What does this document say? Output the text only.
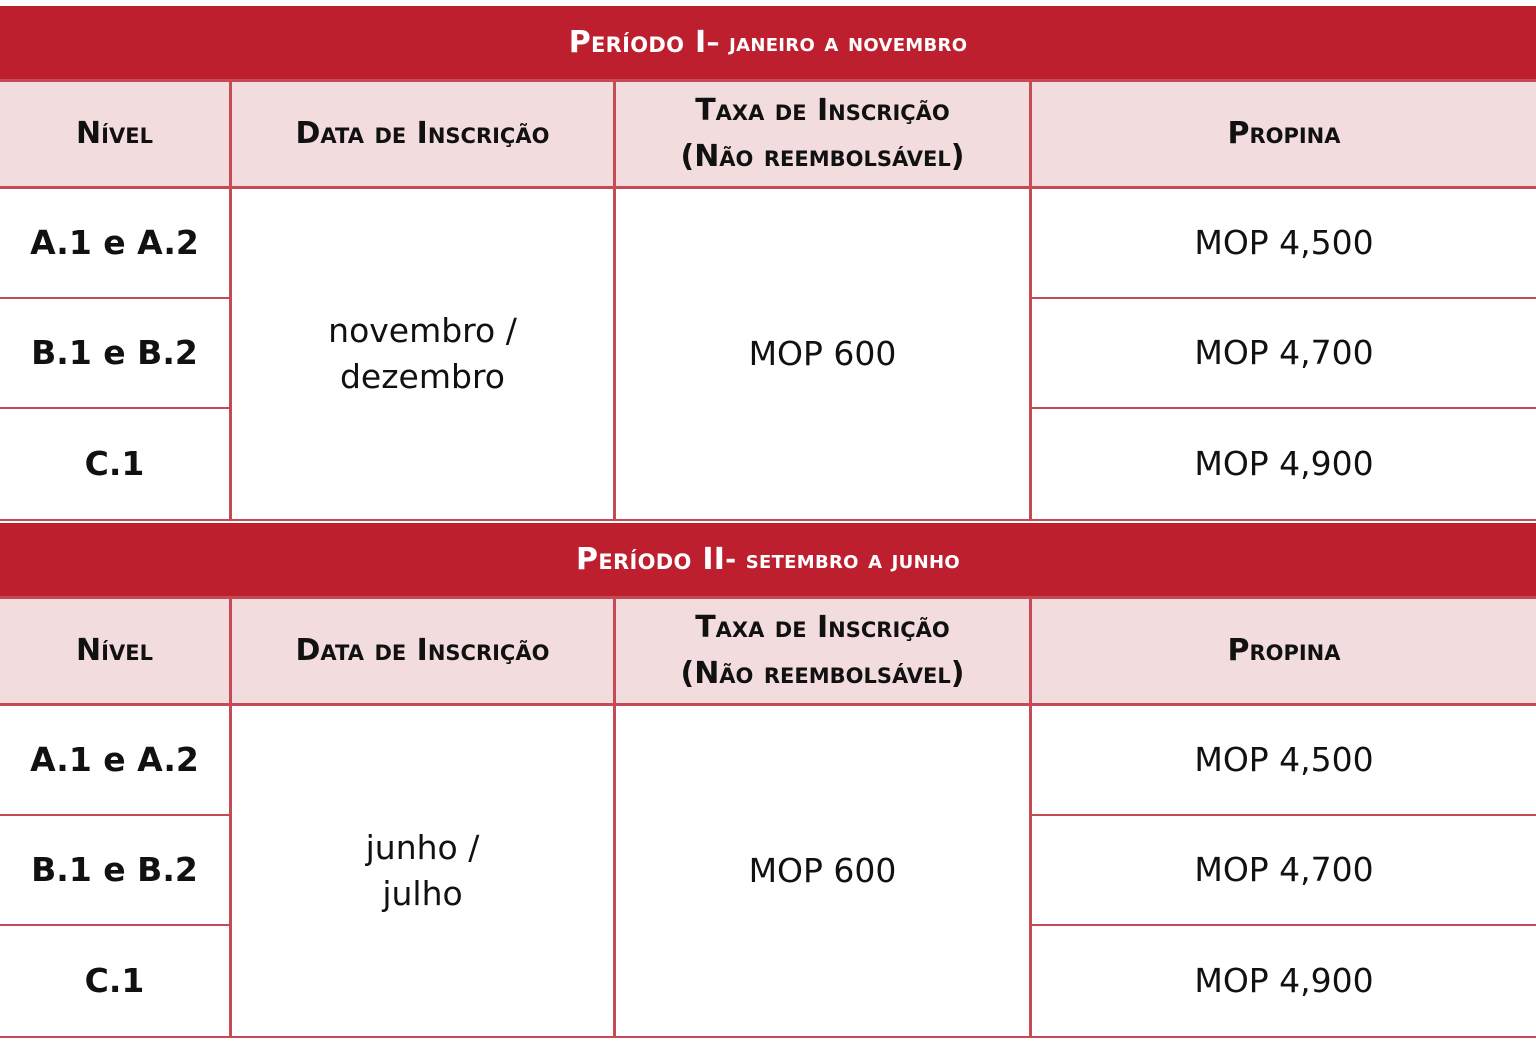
Período I – janeiro a novembro
Nível	Data de Inscrição
Taxa de Inscrição
(Não reembolsável)
Propina
A.1 e A.2
B.1 e B.2
C.1
novembro /
dezembro
MOP 600
MOP 4,500
MOP 4,700
MOP 4,900
Período II - setembro a junho
Nível	Data de Inscrição
Taxa de Inscrição
(Não reembolsável)
Propina
A.1 e A.2
B.1 e B.2
C.1
junho /
julho
MOP 600
MOP 4,500
MOP 4,700
MOP 4,900
